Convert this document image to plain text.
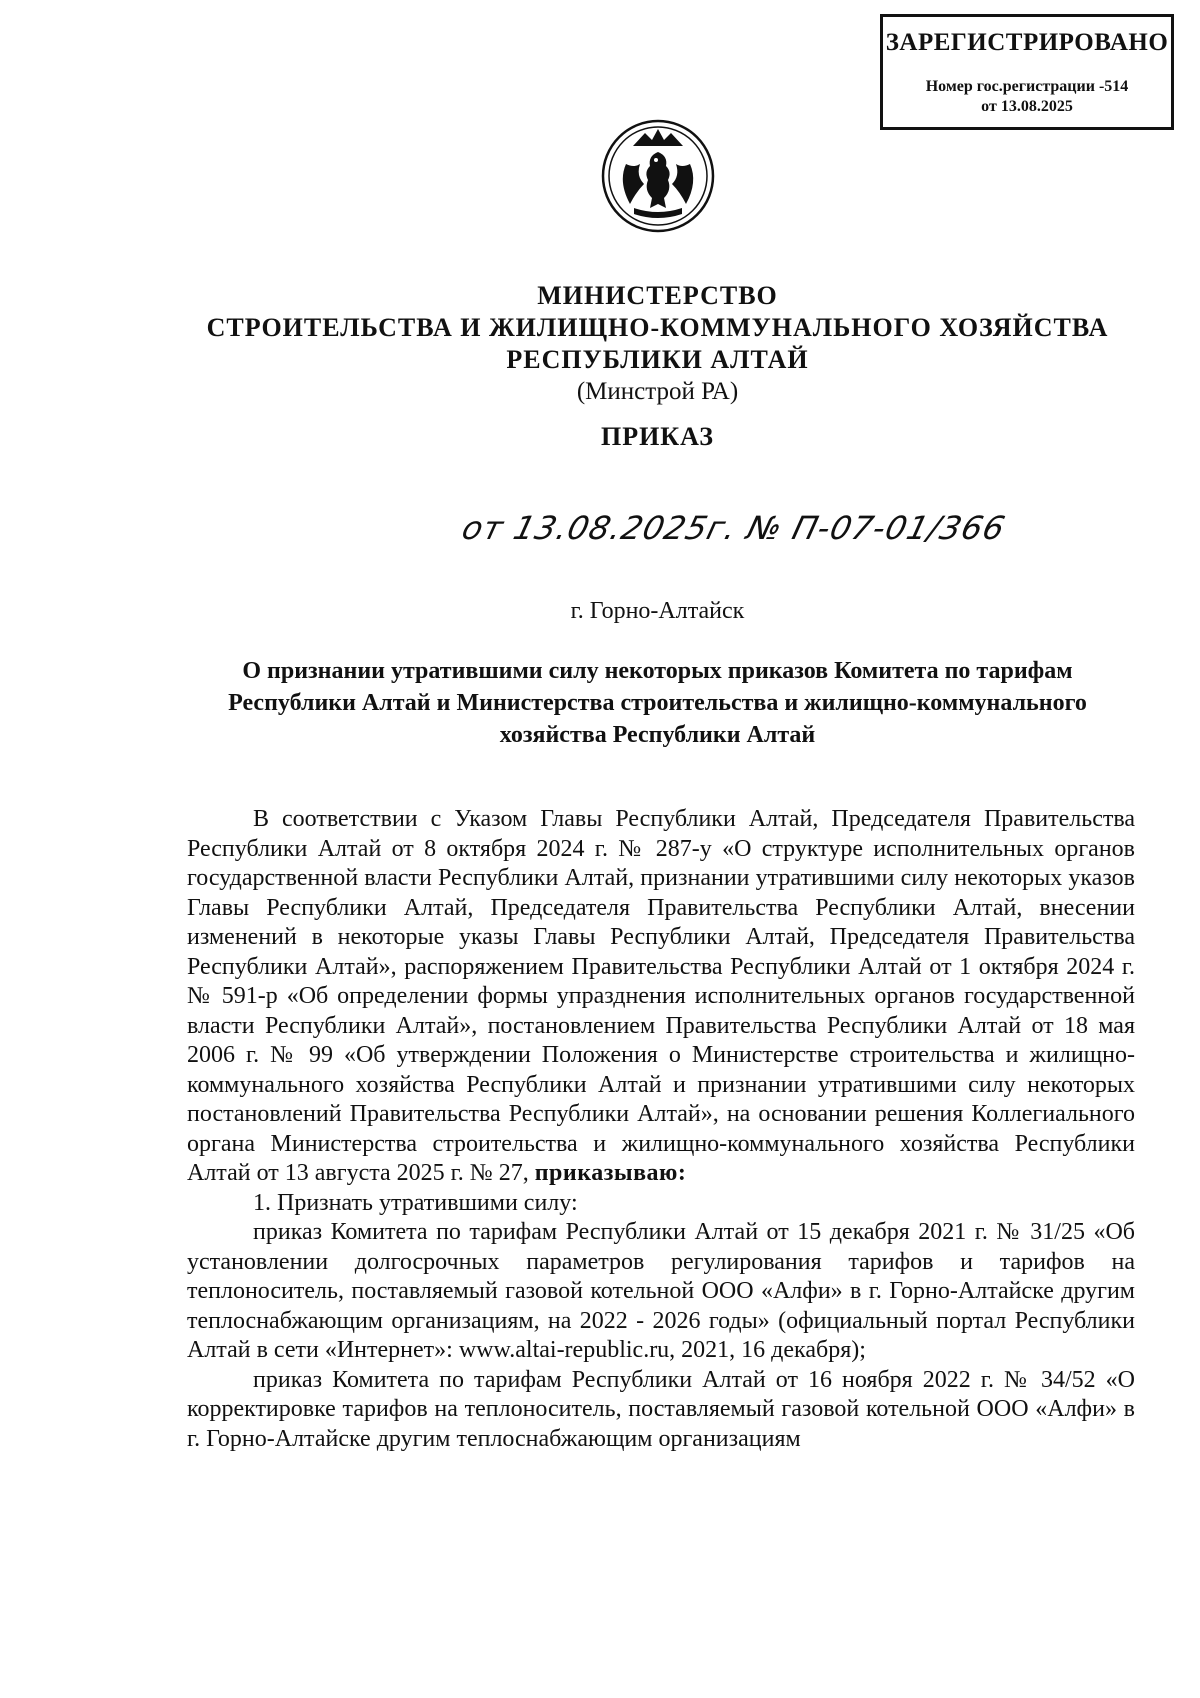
ЗАРЕГИСТРИРОВАНО
Номер гос.регистрации -514
от 13.08.2025
МИНИСТЕРСТВО
СТРОИТЕЛЬСТВА И ЖИЛИЩНО-КОММУНАЛЬНОГО ХОЗЯЙСТВА
РЕСПУБЛИКИ АЛТАЙ
(Минстрой РА)
ПРИКАЗ
от 13.08.2025г. № П-07-01/366
г. Горно-Алтайск
О признании утратившими силу некоторых приказов Комитета по тарифам Республики Алтай и Министерства строительства и жилищно-коммунального хозяйства Республики Алтай

В соответствии с Указом Главы Республики Алтай, Председателя Правительства Республики Алтай от 8 октября 2024 г. № 287-у «О структуре исполнительных органов государственной власти Республики Алтай, признании утратившими силу некоторых указов Главы Республики Алтай, Председателя Правительства Республики Алтай, внесении изменений в некоторые указы Главы Республики Алтай, Председателя Правительства Республики Алтай», распоряжением Правительства Республики Алтай от 1 октября 2024 г. № 591-р «Об определении формы упразднения исполнительных органов государственной власти Республики Алтай», постановлением Правительства Республики Алтай от 18 мая 2006 г. № 99 «Об утверждении Положения о Министерстве строительства и жилищно-коммунального хозяйства Республики Алтай и признании утратившими силу некоторых постановлений Правительства Республики Алтай», на основании решения Коллегиального органа Министерства строительства и жилищно-коммунального хозяйства Республики Алтай от 13 августа 2025 г. № 27, приказываю:

1. Признать утратившими силу:

приказ Комитета по тарифам Республики Алтай от 15 декабря 2021 г. № 31/25 «Об установлении долгосрочных параметров регулирования тарифов и тарифов на теплоноситель, поставляемый газовой котельной ООО «Алфи» в г. Горно-Алтайске другим теплоснабжающим организациям, на 2022 - 2026 годы» (официальный портал Республики Алтай в сети «Интернет»: www.altai-republic.ru, 2021, 16 декабря);

приказ Комитета по тарифам Республики Алтай от 16 ноября 2022 г. № 34/52 «О корректировке тарифов на теплоноситель, поставляемый газовой котельной ООО «Алфи» в г. Горно-Алтайске другим теплоснабжающим организациям
